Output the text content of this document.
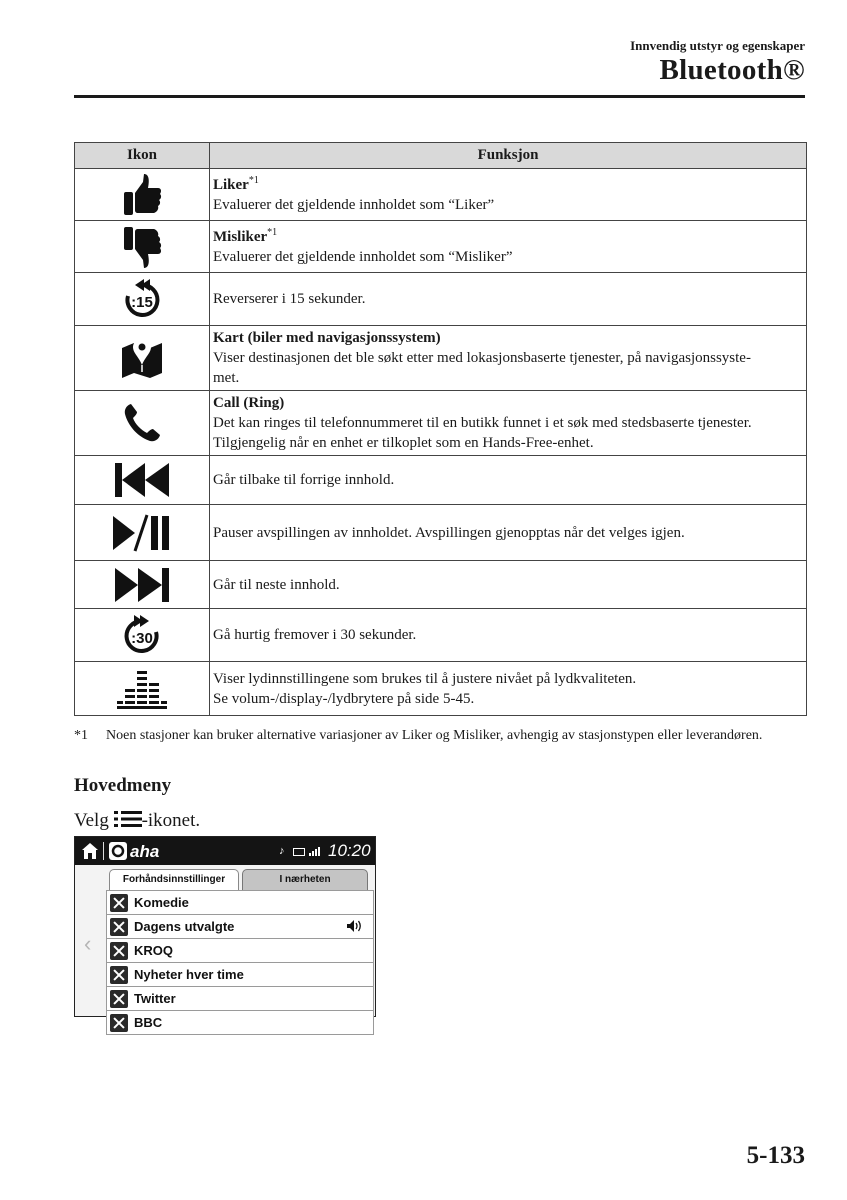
Innvendig utstyr og egenskaper
Bluetooth®
Ikon	Funksjon

Liker$^{*1}$
Evaluerer det gjeldende innholdet som “Liker”

Misliker$^{*1}$
Evaluerer det gjeldende innholdet som “Misliker”

:15	Reverserer i 15 sekunder.

Kart (biler med navigasjonssystem)
Viser destinasjonen det ble søkt etter med lokasjonsbaserte tjenester, på navigasjonssyste-
met.

Call (Ring)
Det kan ringes til telefonnummeret til en butikk funnet i et søk med stedsbaserte tjenester.
Tilgjengelig når en enhet er tilkoplet som en Hands-Free-enhet.

Går tilbake til forrige innhold.

Pauser avspillingen av innholdet. Avspillingen gjenopptas når det velges igjen.

Går til neste innhold.

:30	Gå hurtig fremover i 30 sekunder.

Viser lydinnstillingene som brukes til å justere nivået på lydkvaliteten.
Se volum-/display-/lydbrytere på side 5-45.
*1 Noen stasjoner kan bruker alternative variasjoner av Liker og Misliker, avhengig av stasjonstypen eller leverandøren.
Hovedmeny
Velg -ikonet.
aha	♪	10:20
‹
Forhåndsinnstillinger	I nærheten
Komedie
Dagens utvalgte
KROQ
Nyheter hver time
Twitter
BBC
5-133
